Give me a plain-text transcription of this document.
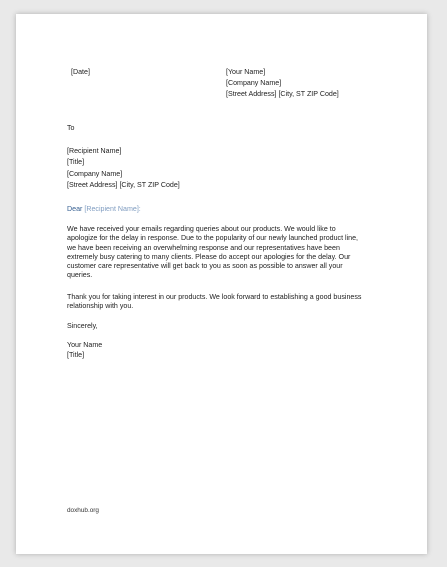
[Date]	[Your Name]
[Company Name]
[Street Address] [City, ST ZIP Code]
To
[Recipient Name]
[Title]
[Company Name]
[Street Address] [City, ST ZIP Code]
Dear [Recipient Name]:
We have received your emails regarding queries about our products. We would like to
apologize for the delay in response. Due to the popularity of our newly launched product line,
we have been receiving an overwhelming response and our representatives have been
extremely busy catering to many clients. Please do accept our apologies for the delay. Our
customer care representative will get back to you as soon as possible to answer all your
queries.
Thank you for taking interest in our products. We look forward to establishing a good business
relationship with you.
Sincerely,
Your Name
[Title]
doxhub.org
